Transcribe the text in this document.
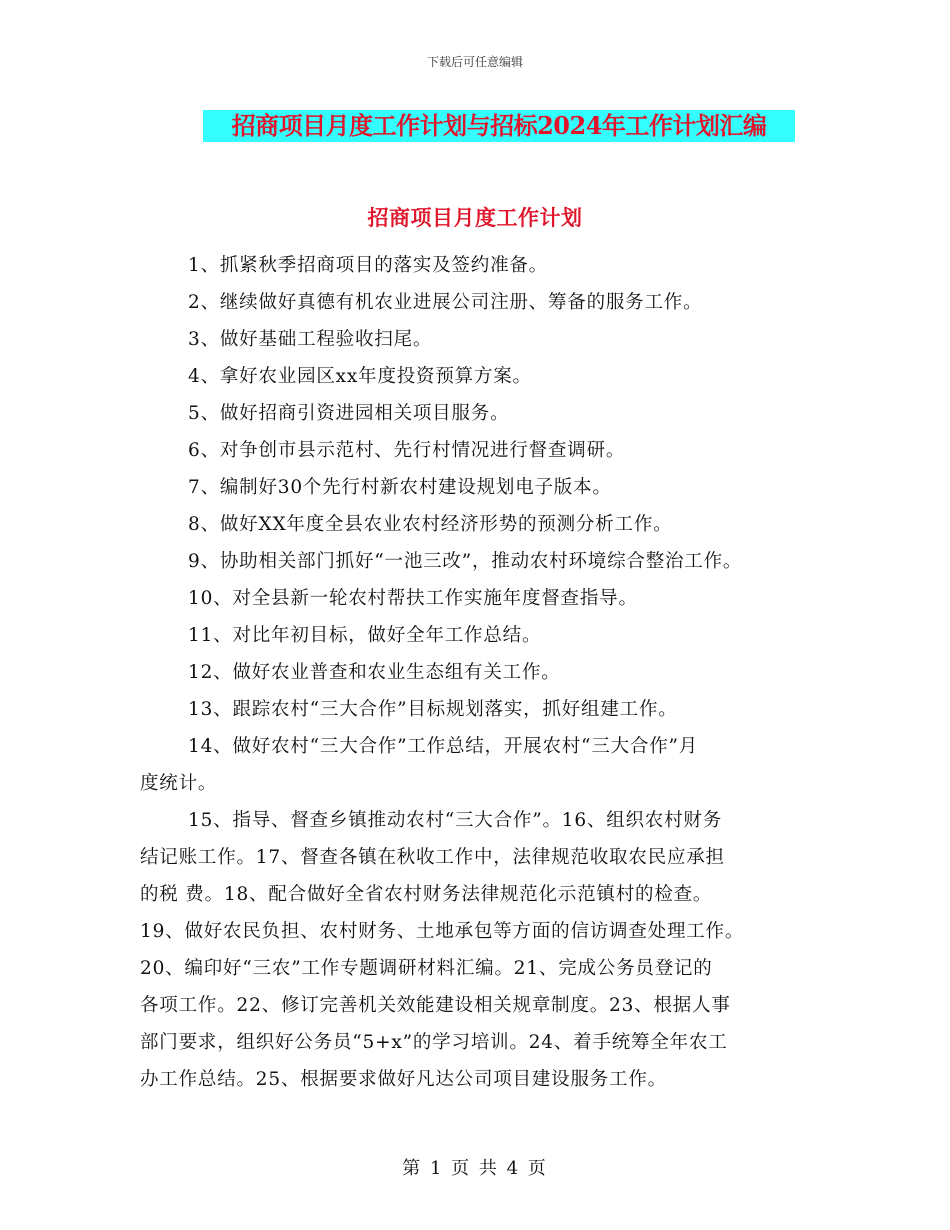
下载后可任意编辑
招商项目月度工作计划与招标2024年工作计划汇编
招商项目月度工作计划
1、抓紧秋季招商项目的落实及签约准备。
2、继续做好真德有机农业进展公司注册、筹备的服务工作。
3、做好基础工程验收扫尾。
4、拿好农业园区xx年度投资预算方案。
5、做好招商引资进园相关项目服务。
6、对争创市县示范村、先行村情况进行督查调研。
7、编制好30个先行村新农村建设规划电子版本。
8、做好XX年度全县农业农村经济形势的预测分析工作。
9、协助相关部门抓好“一池三改”，推动农村环境综合整治工作。
10、对全县新一轮农村帮扶工作实施年度督查指导。
11、对比年初目标，做好全年工作总结。
12、做好农业普查和农业生态组有关工作。
13、跟踪农村“三大合作”目标规划落实，抓好组建工作。
14、做好农村“三大合作”工作总结，开展农村“三大合作”月
度统计。
15、指导、督查乡镇推动农村“三大合作”。16、组织农村财务
结记账工作。17、督查各镇在秋收工作中，法律规范收取农民应承担
的税 费。18、配合做好全省农村财务法律规范化示范镇村的检查。
19、做好农民负担、农村财务、土地承包等方面的信访调查处理工作。
20、编印好“三农”工作专题调研材料汇编。21、完成公务员登记的
各项工作。22、修订完善机关效能建设相关规章制度。23、根据人事
部门要求，组织好公务员“5+x”的学习培训。24、着手统筹全年农工
办工作总结。25、根据要求做好凡达公司项目建设服务工作。
第 1 页 共 4 页
